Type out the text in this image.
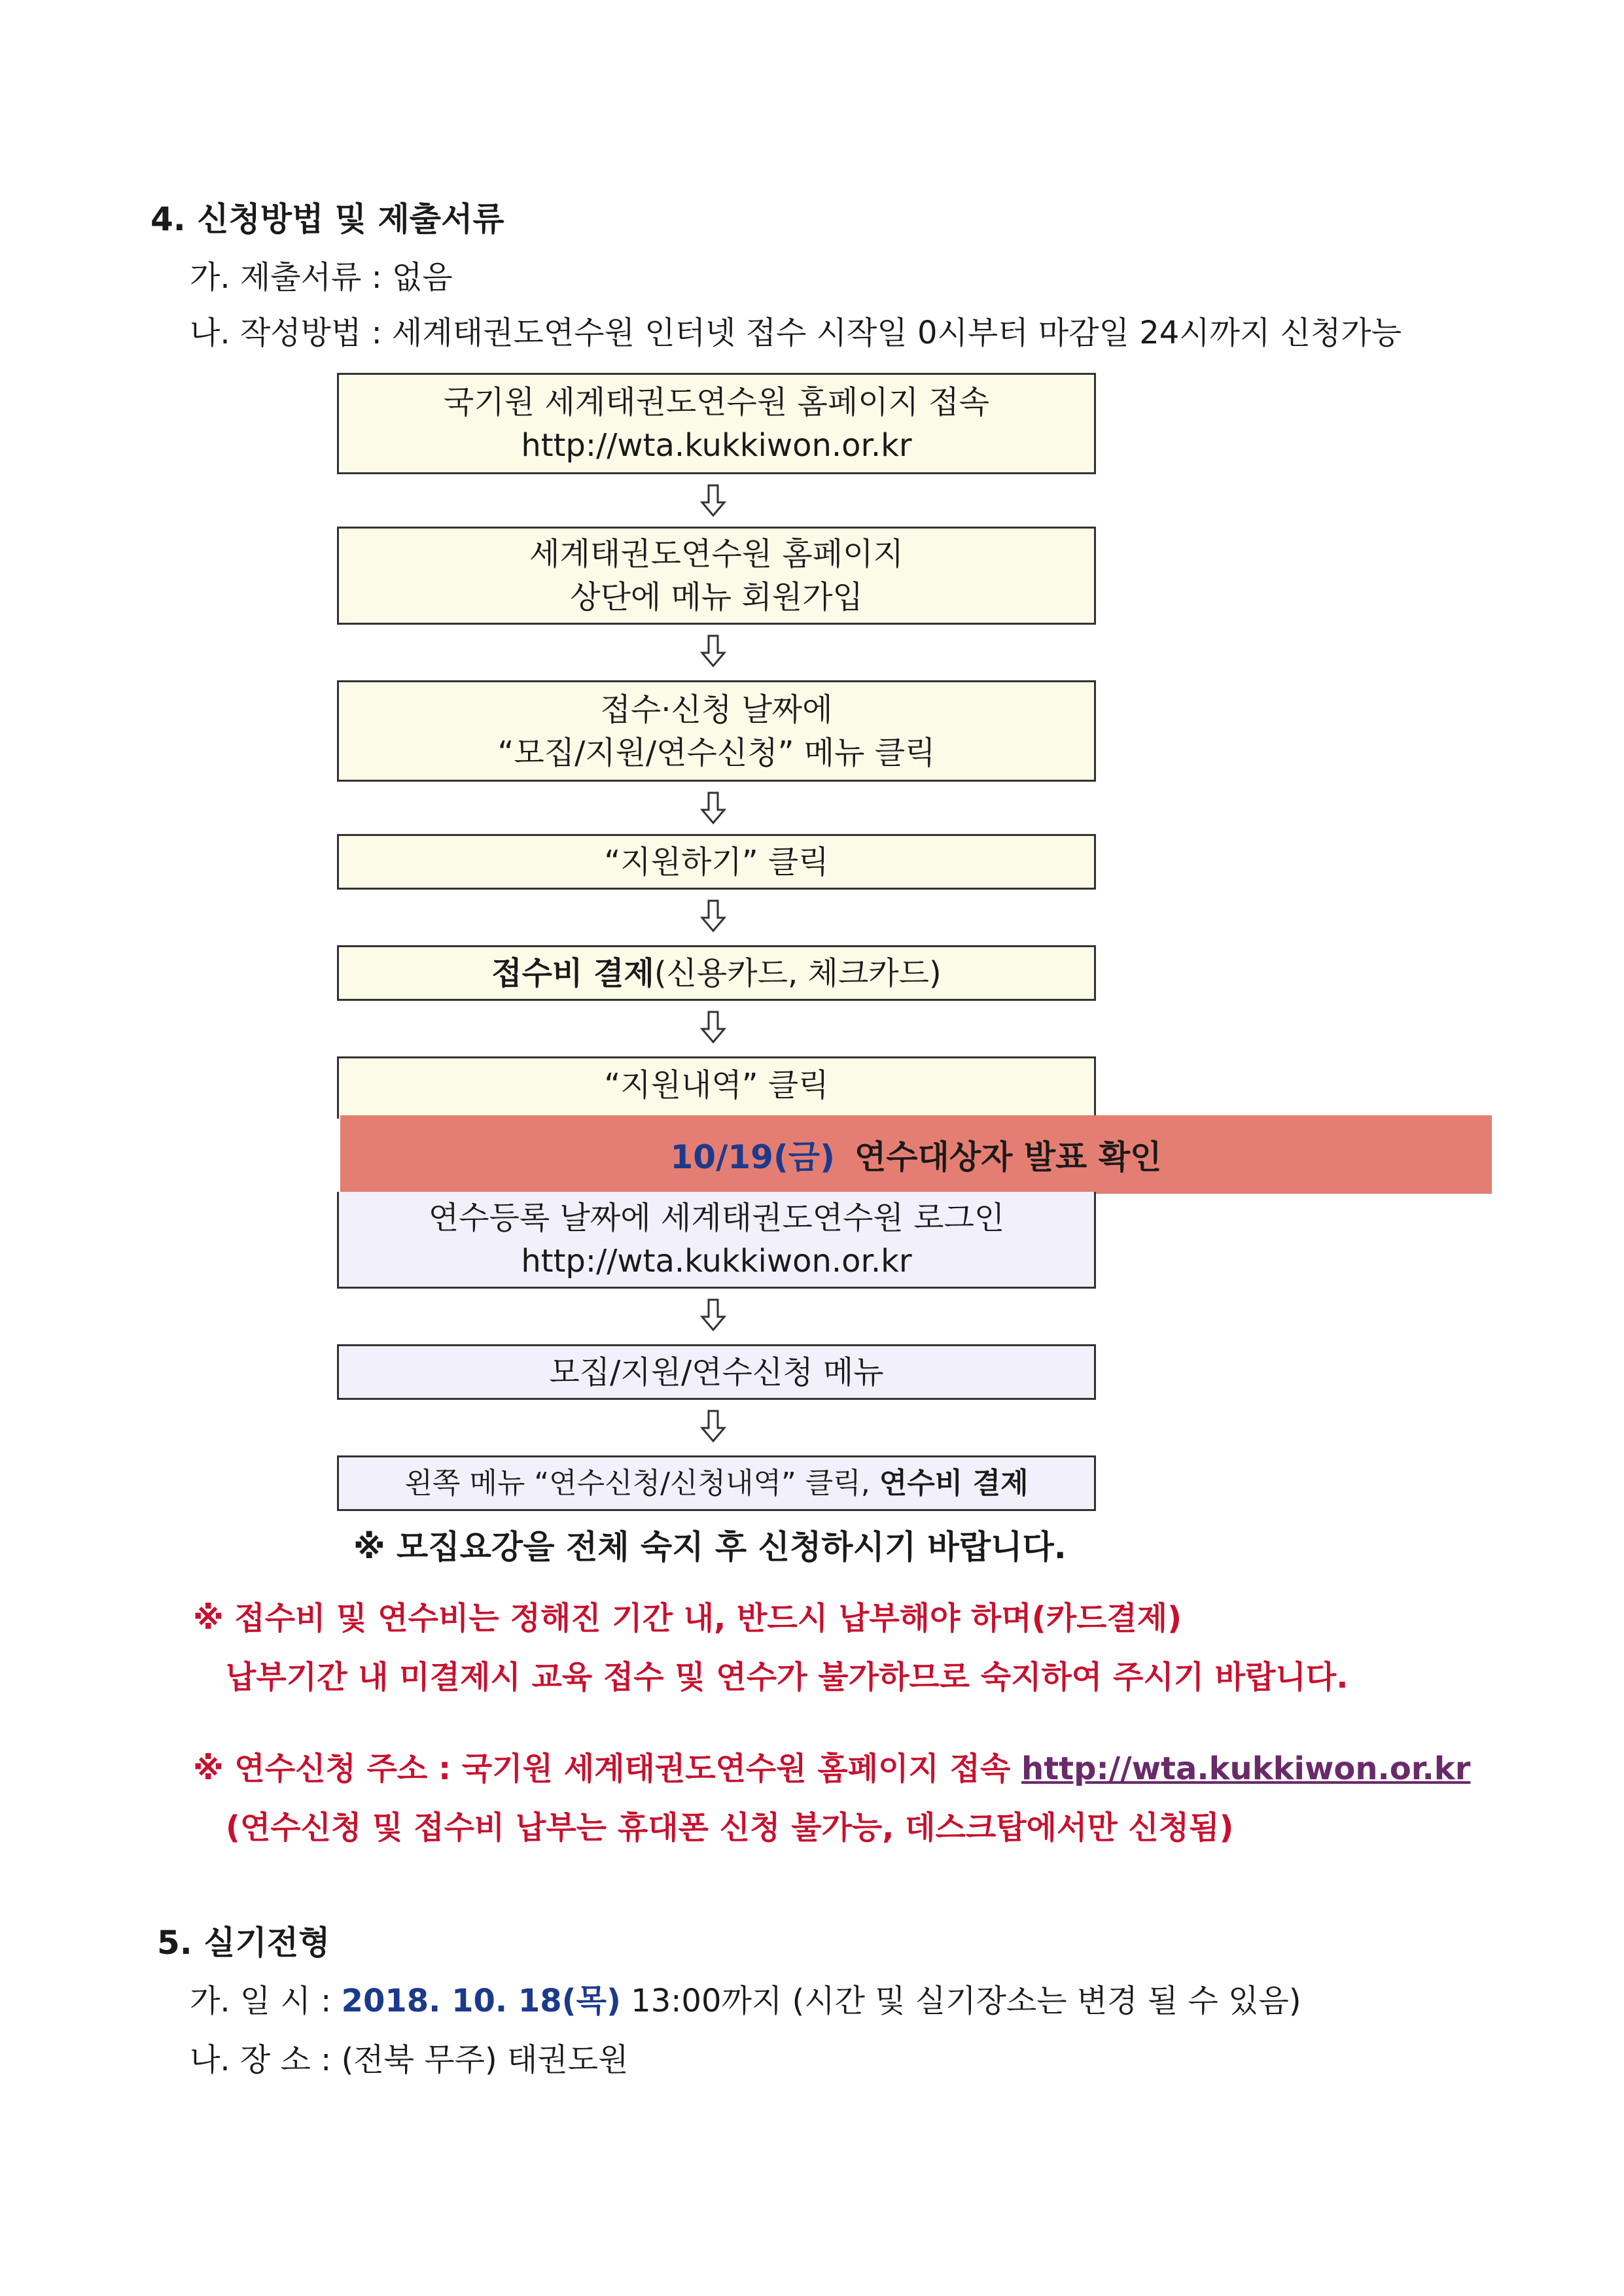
4. 신청방법 및 제출서류
가. 제출서류 : 없음
나. 작성방법 : 세계태권도연수원 인터넷 접수 시작일 0시부터 마감일 24시까지 신청가능
국기원 세계태권도연수원 홈페이지 접속
http://wta.kukkiwon.or.kr
세계태권도연수원 홈페이지
상단에 메뉴 회원가입
접수·신청 날짜에
“모집/지원/연수신청” 메뉴 클릭
“지원하기” 클릭
접수비 결제(신용카드, 체크카드)
“지원내역” 클릭
10/19(금) 연수대상자 발표 확인
연수등록 날짜에 세계태권도연수원 로그인
http://wta.kukkiwon.or.kr
모집/지원/연수신청 메뉴
왼쪽 메뉴 “연수신청/신청내역” 클릭, 연수비 결제
※ 모집요강을 전체 숙지 후 신청하시기 바랍니다.
※ 접수비 및 연수비는 정해진 기간 내, 반드시 납부해야 하며(카드결제)
납부기간 내 미결제시 교육 접수 및 연수가 불가하므로 숙지하여 주시기 바랍니다.
※ 연수신청 주소 : 국기원 세계태권도연수원 홈페이지 접속 http://wta.kukkiwon.or.kr
(연수신청 및 접수비 납부는 휴대폰 신청 불가능, 데스크탑에서만 신청됨)
5. 실기전형
가. 일 시 : 2018. 10. 18(목) 13:00까지 (시간 및 실기장소는 변경 될 수 있음)
나. 장 소 : (전북 무주) 태권도원
